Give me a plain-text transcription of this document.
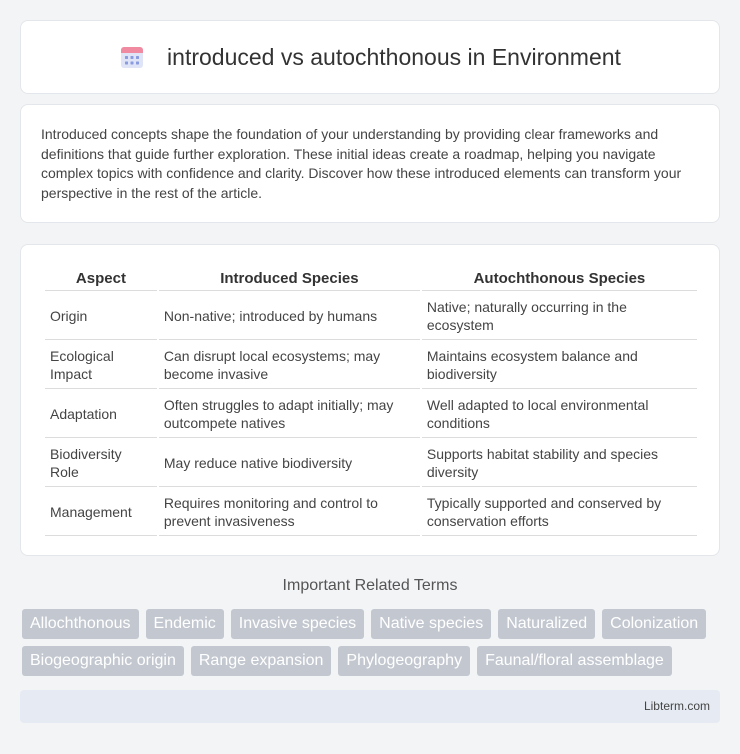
introduced vs autochthonous in Environment

Introduced concepts shape the foundation of your understanding by providing clear frameworks and definitions that guide further exploration. These initial ideas create a roadmap, helping you navigate complex topics with confidence and clarity. Discover how these introduced elements can transform your perspective in the rest of the article.

Aspect	Introduced Species	Autochthonous Species
Origin	Non-native; introduced by humans	Native; naturally occurring in the ecosystem
Ecological Impact	Can disrupt local ecosystems; may become invasive	Maintains ecosystem balance and biodiversity
Adaptation	Often struggles to adapt initially; may outcompete natives	Well adapted to local environmental conditions
Biodiversity Role	May reduce native biodiversity	Supports habitat stability and species diversity
Management	Requires monitoring and control to prevent invasiveness	Typically supported and conserved by conservation efforts
Important Related Terms
Allochthonous	Endemic	Invasive species	Native species	Naturalized	Colonization
Biogeographic origin	Range expansion	Phylogeography	Faunal/floral assemblage
Libterm.com
